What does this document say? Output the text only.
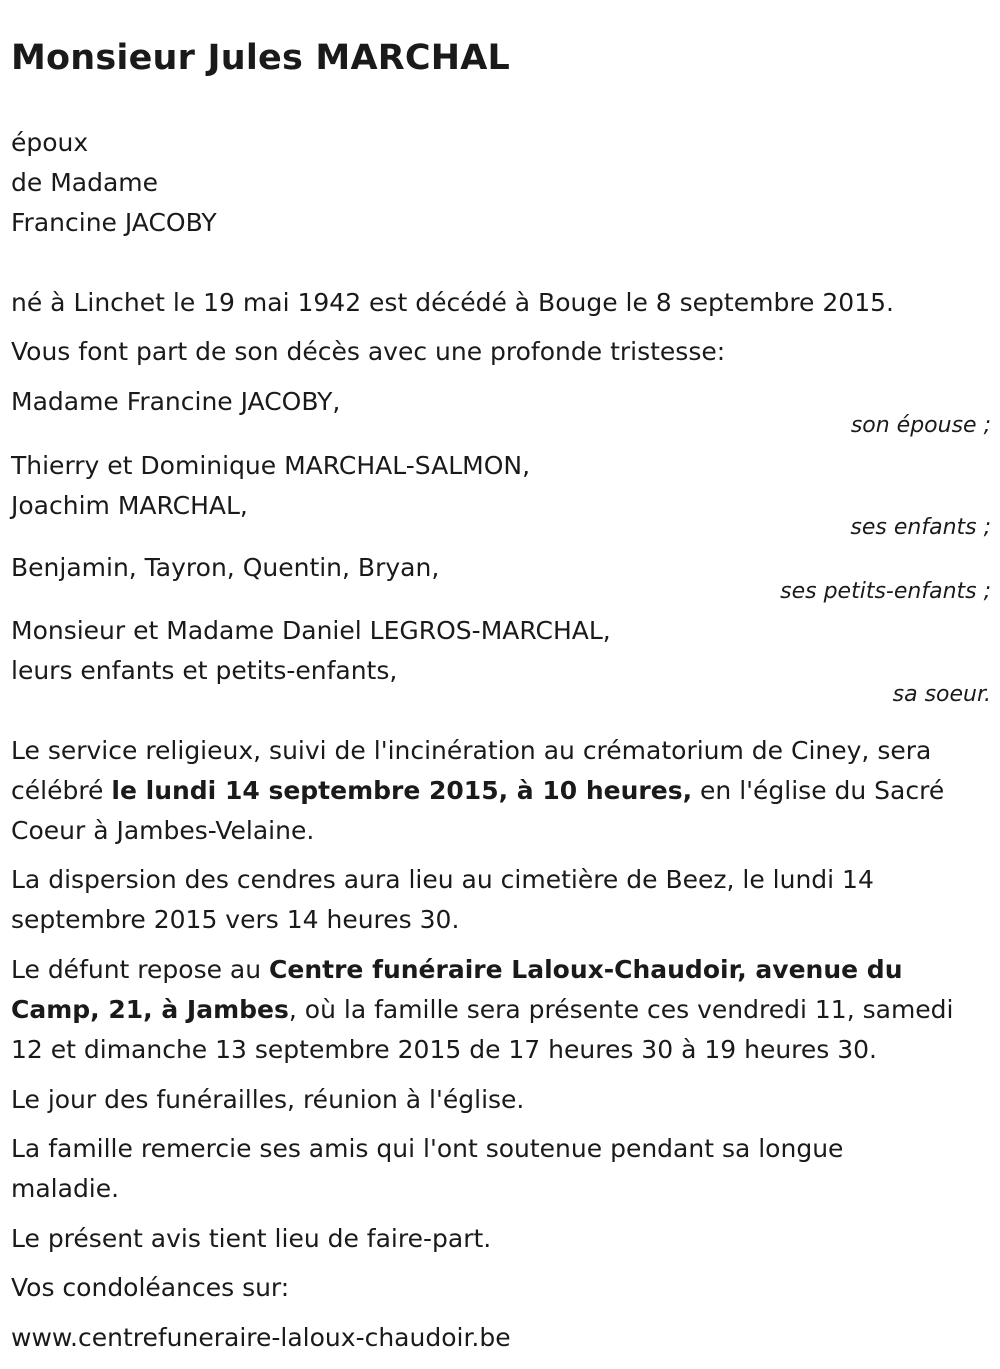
Monsieur Jules MARCHAL

époux

de Madame

Francine JACOBY

né à Linchet le 19 mai 1942 est décédé à Bouge le 8 septembre 2015.

Vous font part de son décès avec une profonde tristesse:

Madame Francine JACOBY,

son épouse ;

Thierry et Dominique MARCHAL-SALMON,

Joachim MARCHAL,

ses enfants ;

Benjamin, Tayron, Quentin, Bryan,

ses petits-enfants ;

Monsieur et Madame Daniel LEGROS-MARCHAL,

leurs enfants et petits-enfants,

sa soeur.

Le service religieux, suivi de l'incinération au crématorium de Ciney, sera

célébré le lundi 14 septembre 2015, à 10 heures, en l'église du Sacré

Coeur à Jambes-Velaine.

La dispersion des cendres aura lieu au cimetière de Beez, le lundi 14

septembre 2015 vers 14 heures 30.

Le défunt repose au Centre funéraire Laloux-Chaudoir, avenue du

Camp, 21, à Jambes, où la famille sera présente ces vendredi 11, samedi

12 et dimanche 13 septembre 2015 de 17 heures 30 à 19 heures 30.

Le jour des funérailles, réunion à l'église.

La famille remercie ses amis qui l'ont soutenue pendant sa longue

maladie.

Le présent avis tient lieu de faire-part.

Vos condoléances sur:

www.centrefuneraire-laloux-chaudoir.be
